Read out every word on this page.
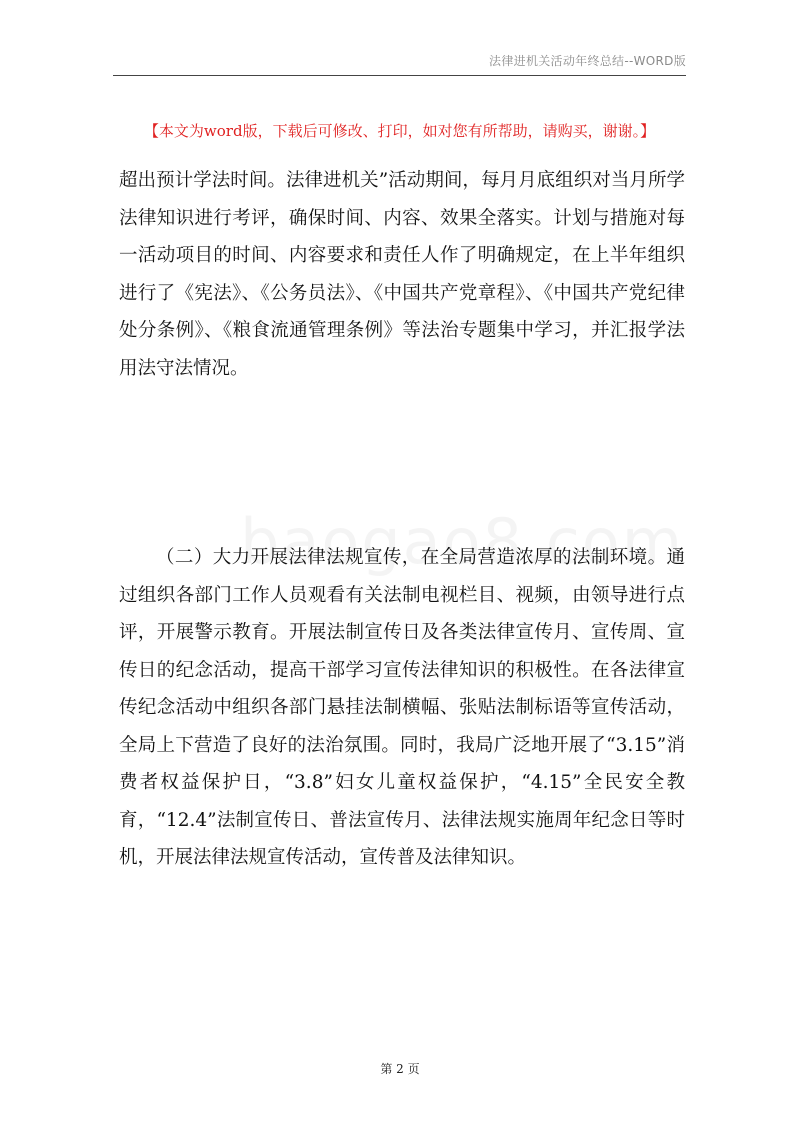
法律进机关活动年终总结--WORD版
【本文为word版，下载后可修改、打印，如对您有所帮助，请购买，谢谢。】

超出预计学法时间。法律进机关”活动期间，每月月底组织对当月所学法律知识进行考评，确保时间、内容、效果全落实。计划与措施对每一活动项目的时间、内容要求和责任人作了明确规定，在上半年组织进行了《宪法》、《公务员法》、《中国共产党章程》、《中国共产党纪律处分条例》、《粮食流通管理条例》等法治专题集中学习，并汇报学法用法守法情况。

（二）大力开展法律法规宣传，在全局营造浓厚的法制环境。通过组织各部门工作人员观看有关法制电视栏目、视频，由领导进行点评，开展警示教育。开展法制宣传日及各类法律宣传月、宣传周、宣传日的纪念活动，提高干部学习宣传法律知识的积极性。在各法律宣传纪念活动中组织各部门悬挂法制横幅、张贴法制标语等宣传活动，全局上下营造了良好的法治氛围。同时，我局广泛地开展了“3.15”消费者权益保护日，“3.8”妇女儿童权益保护，“4.15”全民安全教育，“12.4”法制宣传日、普法宣传月、法律法规实施周年纪念日等时机，开展法律法规宣传活动，宣传普及法律知识。

第 2 页
